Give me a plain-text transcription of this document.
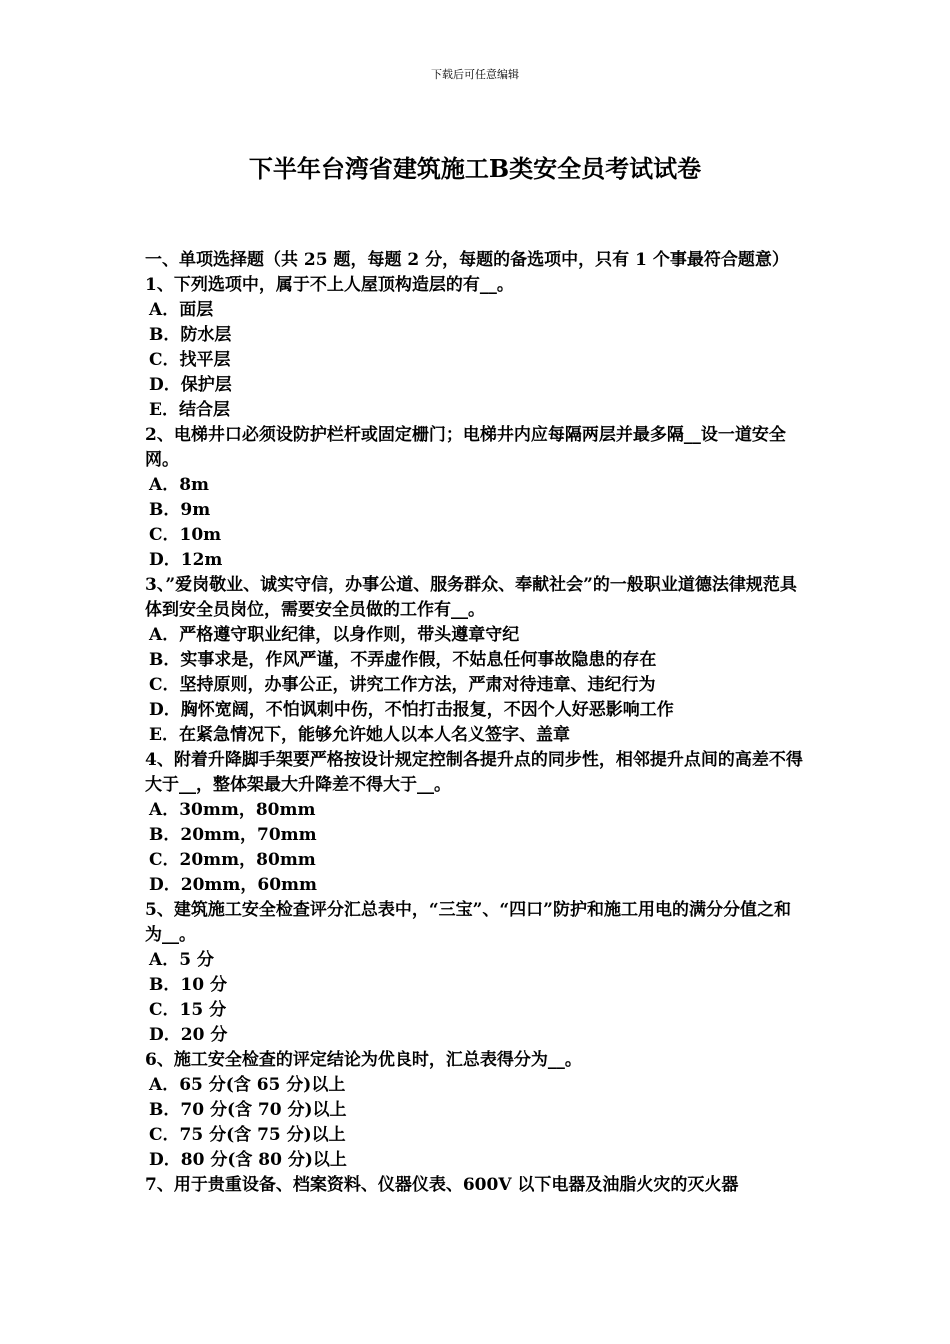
下载后可任意编辑
下半年台湾省建筑施工B类安全员考试试卷

一、单项选择题（共 25 题，每题 2 分，每题的备选项中，只有 1 个事最符合题意）

1、下列选项中，属于不上人屋顶构造层的有__。

A．面层
B．防水层
C．找平层
D．保护层
E．结合层

2、电梯井口必须设防护栏杆或固定栅门；电梯井内应每隔两层并最多隔__设一道安全网。

A．8m
B．9m
C．10m
D．12m

3、”爱岗敬业、诚实守信，办事公道、服务群众、奉献社会”的一般职业道德法律规范具体到安全员岗位，需要安全员做的工作有__。

A．严格遵守职业纪律，以身作则，带头遵章守纪
B．实事求是，作风严谨，不弄虚作假，不姑息任何事故隐患的存在
C．坚持原则，办事公正，讲究工作方法，严肃对待违章、违纪行为
D．胸怀宽阔，不怕讽刺中伤，不怕打击报复，不因个人好恶影响工作
E．在紧急情况下，能够允许她人以本人名义签字、盖章

4、附着升降脚手架要严格按设计规定控制各提升点的同步性，相邻提升点间的高差不得大于__，整体架最大升降差不得大于__。

A．30mm，80mm
B．20mm，70mm
C．20mm，80mm
D．20mm，60mm

5、建筑施工安全检查评分汇总表中，“三宝”、“四口”防护和施工用电的满分分值之和为__。

A．5 分
B．10 分
C．15 分
D．20 分

6、施工安全检查的评定结论为优良时，汇总表得分为__。

A．65 分(含 65 分)以上
B．70 分(含 70 分)以上
C．75 分(含 75 分)以上
D．80 分(含 80 分)以上

7、用于贵重设备、档案资料、仪器仪表、600V 以下电器及油脂火灾的灭火器
